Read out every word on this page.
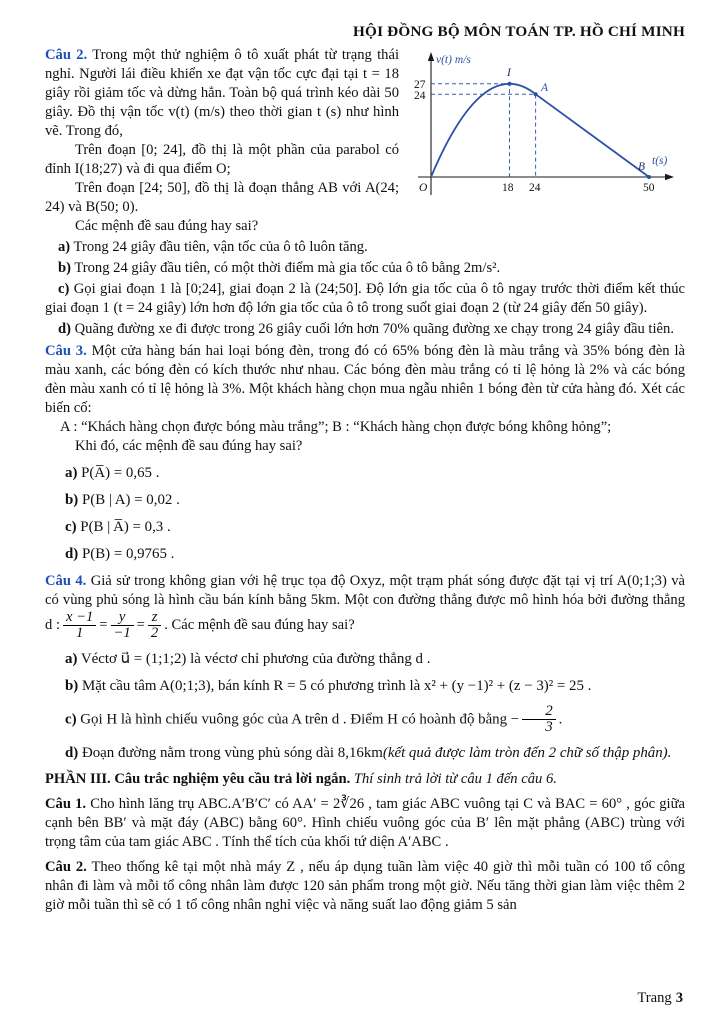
HỘI ĐỒNG BỘ MÔN TOÁN TP. HỒ CHÍ MINH
v(t) m/s
27
24
I
A
B t(s)
O	18 24	50

Câu 2. Trong một thử nghiệm ô tô xuất phát từ trạng thái nghỉ. Người lái điều khiển xe đạt vận tốc cực đại tại t = 18 giây rồi giảm tốc và dừng hẳn. Toàn bộ quá trình kéo dài 50 giây. Đồ thị vận tốc v(t) (m/s) theo thời gian t (s) như hình vẽ. Trong đó,

Trên đoạn [0; 24], đồ thị là một phần của parabol có đỉnh I(18;27) và đi qua điểm O;

Trên đoạn [24; 50], đồ thị là đoạn thẳng AB với A(24; 24) và B(50; 0).

Các mệnh đề sau đúng hay sai?

a) Trong 24 giây đầu tiên, vận tốc của ô tô luôn tăng.

b) Trong 24 giây đầu tiên, có một thời điểm mà gia tốc của ô tô bằng 2m/s².

c) Gọi giai đoạn 1 là [0;24], giai đoạn 2 là (24;50]. Độ lớn gia tốc của ô tô ngay trước thời điểm kết thúc giai đoạn 1 (t = 24 giây) lớn hơn độ lớn gia tốc của ô tô trong suốt giai đoạn 2 (từ 24 giây đến 50 giây).

d) Quãng đường xe đi được trong 26 giây cuối lớn hơn 70% quãng đường xe chạy trong 24 giây đầu tiên.

Câu 3. Một cửa hàng bán hai loại bóng đèn, trong đó có 65% bóng đèn là màu trắng và 35% bóng đèn là màu xanh, các bóng đèn có kích thước như nhau. Các bóng đèn màu trắng có tỉ lệ hỏng là 2% và các bóng đèn màu xanh có tỉ lệ hỏng là 3%. Một khách hàng chọn mua ngẫu nhiên 1 bóng đèn từ cửa hàng đó. Xét các biến cố:

A : “Khách hàng chọn được bóng màu trắng”; B : “Khách hàng chọn được bóng không hỏng”;

Khi đó, các mệnh đề sau đúng hay sai?

a) P(A̅) = 0,65 .

b) P(B | A) = 0,02 .

c) P(B | A̅) = 0,3 .

d) P(B) = 0,9765 .

Câu 4. Giả sử trong không gian với hệ trục tọa độ Oxyz, một trạm phát sóng được đặt tại vị trí A(0;1;3) và có vùng phủ sóng là hình cầu bán kính bằng 5km. Một con đường thẳng được mô hình hóa bởi đường thẳng d : $\frac{x -1}{1} = \frac{y}{-1} = \frac{z}{2}$ . Các mệnh đề sau đúng hay sai?

a) Véctơ u⃗ = (1;1;2) là véctơ chỉ phương của đường thẳng d .

b) Mặt cầu tâm A(0;1;3), bán kính R = 5 có phương trình là x² + (y −1)² + (z − 3)² = 25 .

c) Gọi H là hình chiếu vuông góc của A trên d . Điểm H có hoành độ bằng − $\frac{2}{3}$ .

d) Đoạn đường nằm trong vùng phủ sóng dài 8,16km(kết quả được làm tròn đến 2 chữ số thập phân).

PHẦN III. Câu trắc nghiệm yêu cầu trả lời ngắn. Thí sinh trả lời từ câu 1 đến câu 6.

Câu 1. Cho hình lăng trụ ABC.A′B′C′ có AA′ = 2∛26 , tam giác ABC vuông tại C và BAC = 60° , góc giữa cạnh bên BB′ và mặt đáy (ABC) bằng 60°. Hình chiếu vuông góc của B′ lên mặt phẳng (ABC) trùng với trọng tâm của tam giác ABC . Tính thể tích của khối tứ diện A′ABC .

Câu 2. Theo thống kê tại một nhà máy Z , nếu áp dụng tuần làm việc 40 giờ thì mỗi tuần có 100 tổ công nhân đi làm và mỗi tổ công nhân làm được 120 sản phẩm trong một giờ. Nếu tăng thời gian làm việc thêm 2 giờ mỗi tuần thì sẽ có 1 tổ công nhân nghỉ việc và năng suất lao động giảm 5 sản

Trang 3
